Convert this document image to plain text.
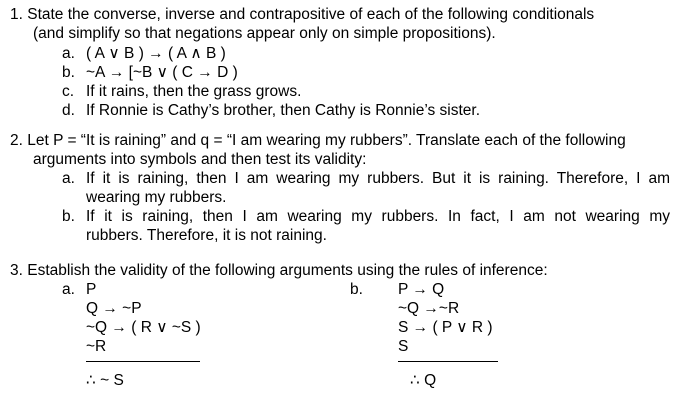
1. State the converse, inverse and contrapositive of each of the following conditionals
(and simplify so that negations appear only on simple propositions).
a. ( A ∨ B ) → ( A ∧ B )
b. ~A → [~B ∨ ( C → D )
c. If it rains, then the grass grows.
d. If Ronnie is Cathy’s brother, then Cathy is Ronnie’s sister.
2. Let P = “It is raining” and q = “I am wearing my rubbers”. Translate each of the following
arguments into symbols and then test its validity:
a. If it is raining, then I am wearing my rubbers. But it is raining. Therefore, I am
wearing my rubbers.
b. If it is raining, then I am wearing my rubbers. In fact, I am not wearing my
rubbers. Therefore, it is not raining.
3. Establish the validity of the following arguments using the rules of inference:
a. P
Q → ~P
~Q → ( R ∨ ~S )
~R
∴ ~ S
b. P → Q
~Q →~R
S → ( P ∨ R )
S
∴ Q
